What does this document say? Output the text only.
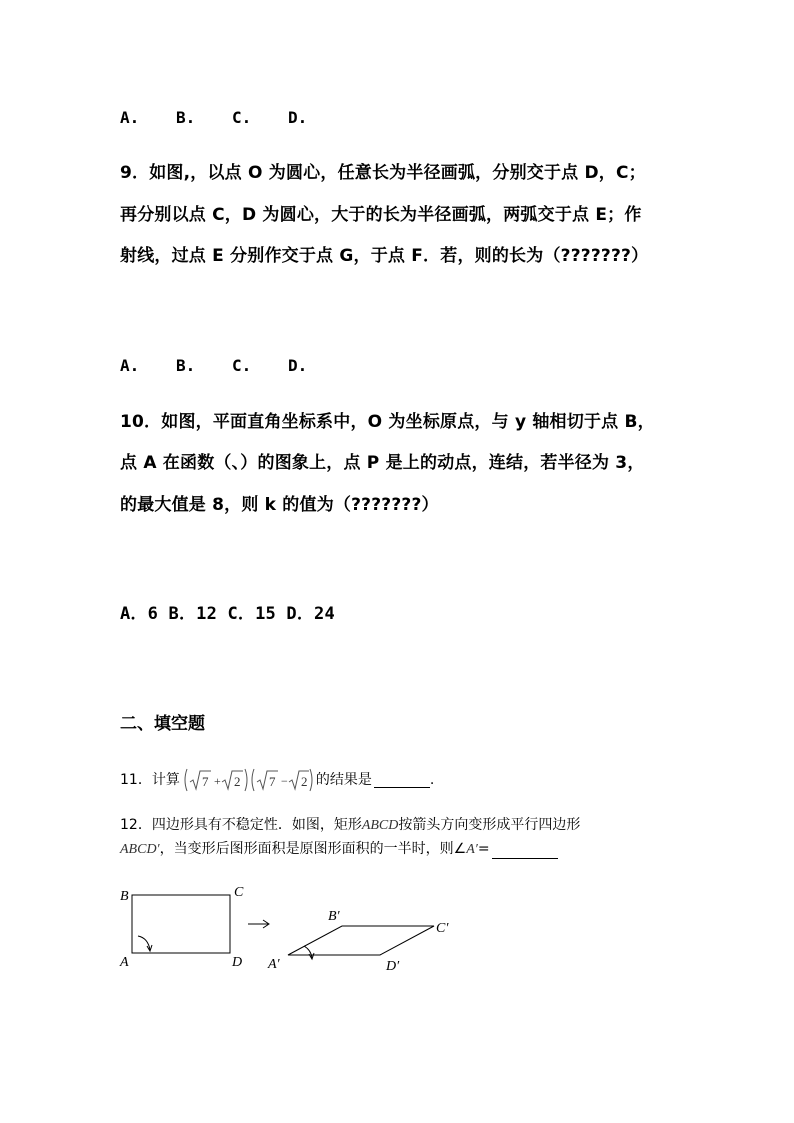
A. B. C. D.
9．如图,，以点 O 为圆心，任意长为半径画弧，分别交于点 D，C；
再分别以点 C，D 为圆心，大于的长为半径画弧，两弧交于点 E；作
射线，过点 E 分别作交于点 G，于点 F．若，则的长为（???????）
A. B. C. D.
10．如图，平面直角坐标系中，O 为坐标原点，与 y 轴相切于点 B，
点 A 在函数（、）的图象上，点 P 是上的动点，连结，若半径为 3，
的最大值是 8，则 k 的值为（???????）
A．6 B．12 C．15 D．24
二、填空题
11．计算 7 + 2 7 − 2 的结果是	.
12．四边形具有不稳定性．如图，矩形ABCD按箭头方向变形成平行四边形
ABCD′，当变形后图形面积是原图形面积的一半时，则∠A′=
B	C
A	D
B′
C′
A′	D′
